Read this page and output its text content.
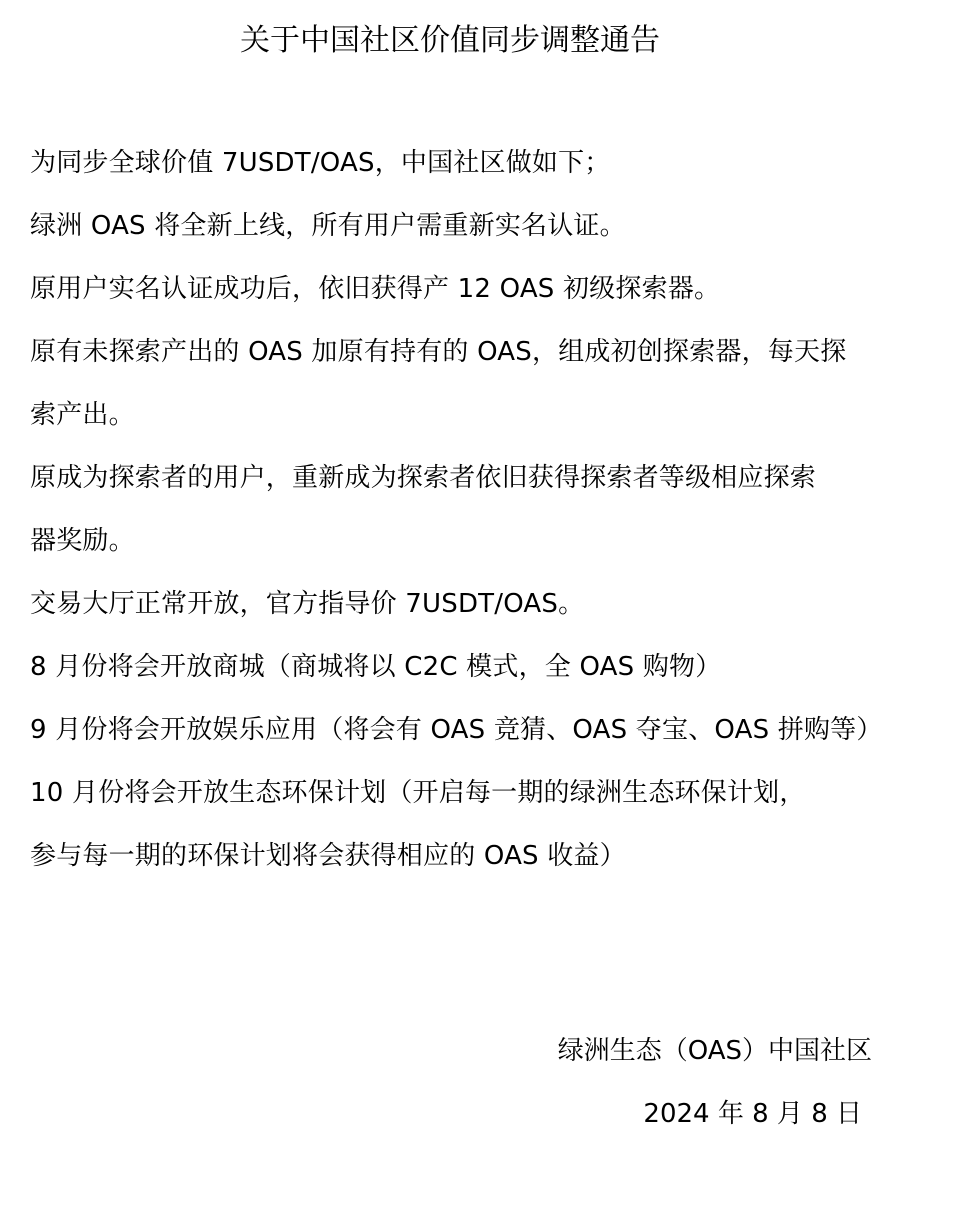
关于中国社区价值同步调整通告
为同步全球价值 7USDT/OAS，中国社区做如下；
绿洲 OAS 将全新上线，所有用户需重新实名认证。
原用户实名认证成功后，依旧获得产 12 OAS 初级探索器。
原有未探索产出的 OAS 加原有持有的 OAS，组成初创探索器，每天探
索产出。
原成为探索者的用户，重新成为探索者依旧获得探索者等级相应探索
器奖励。
交易大厅正常开放，官方指导价 7USDT/OAS。
8 月份将会开放商城（商城将以 C2C 模式，全 OAS 购物）
9 月份将会开放娱乐应用（将会有 OAS 竞猜、OAS 夺宝、OAS 拼购等）
10 月份将会开放生态环保计划（开启每一期的绿洲生态环保计划，
参与每一期的环保计划将会获得相应的 OAS 收益）
绿洲生态（OAS）中国社区
2024 年 8 月 8 日
